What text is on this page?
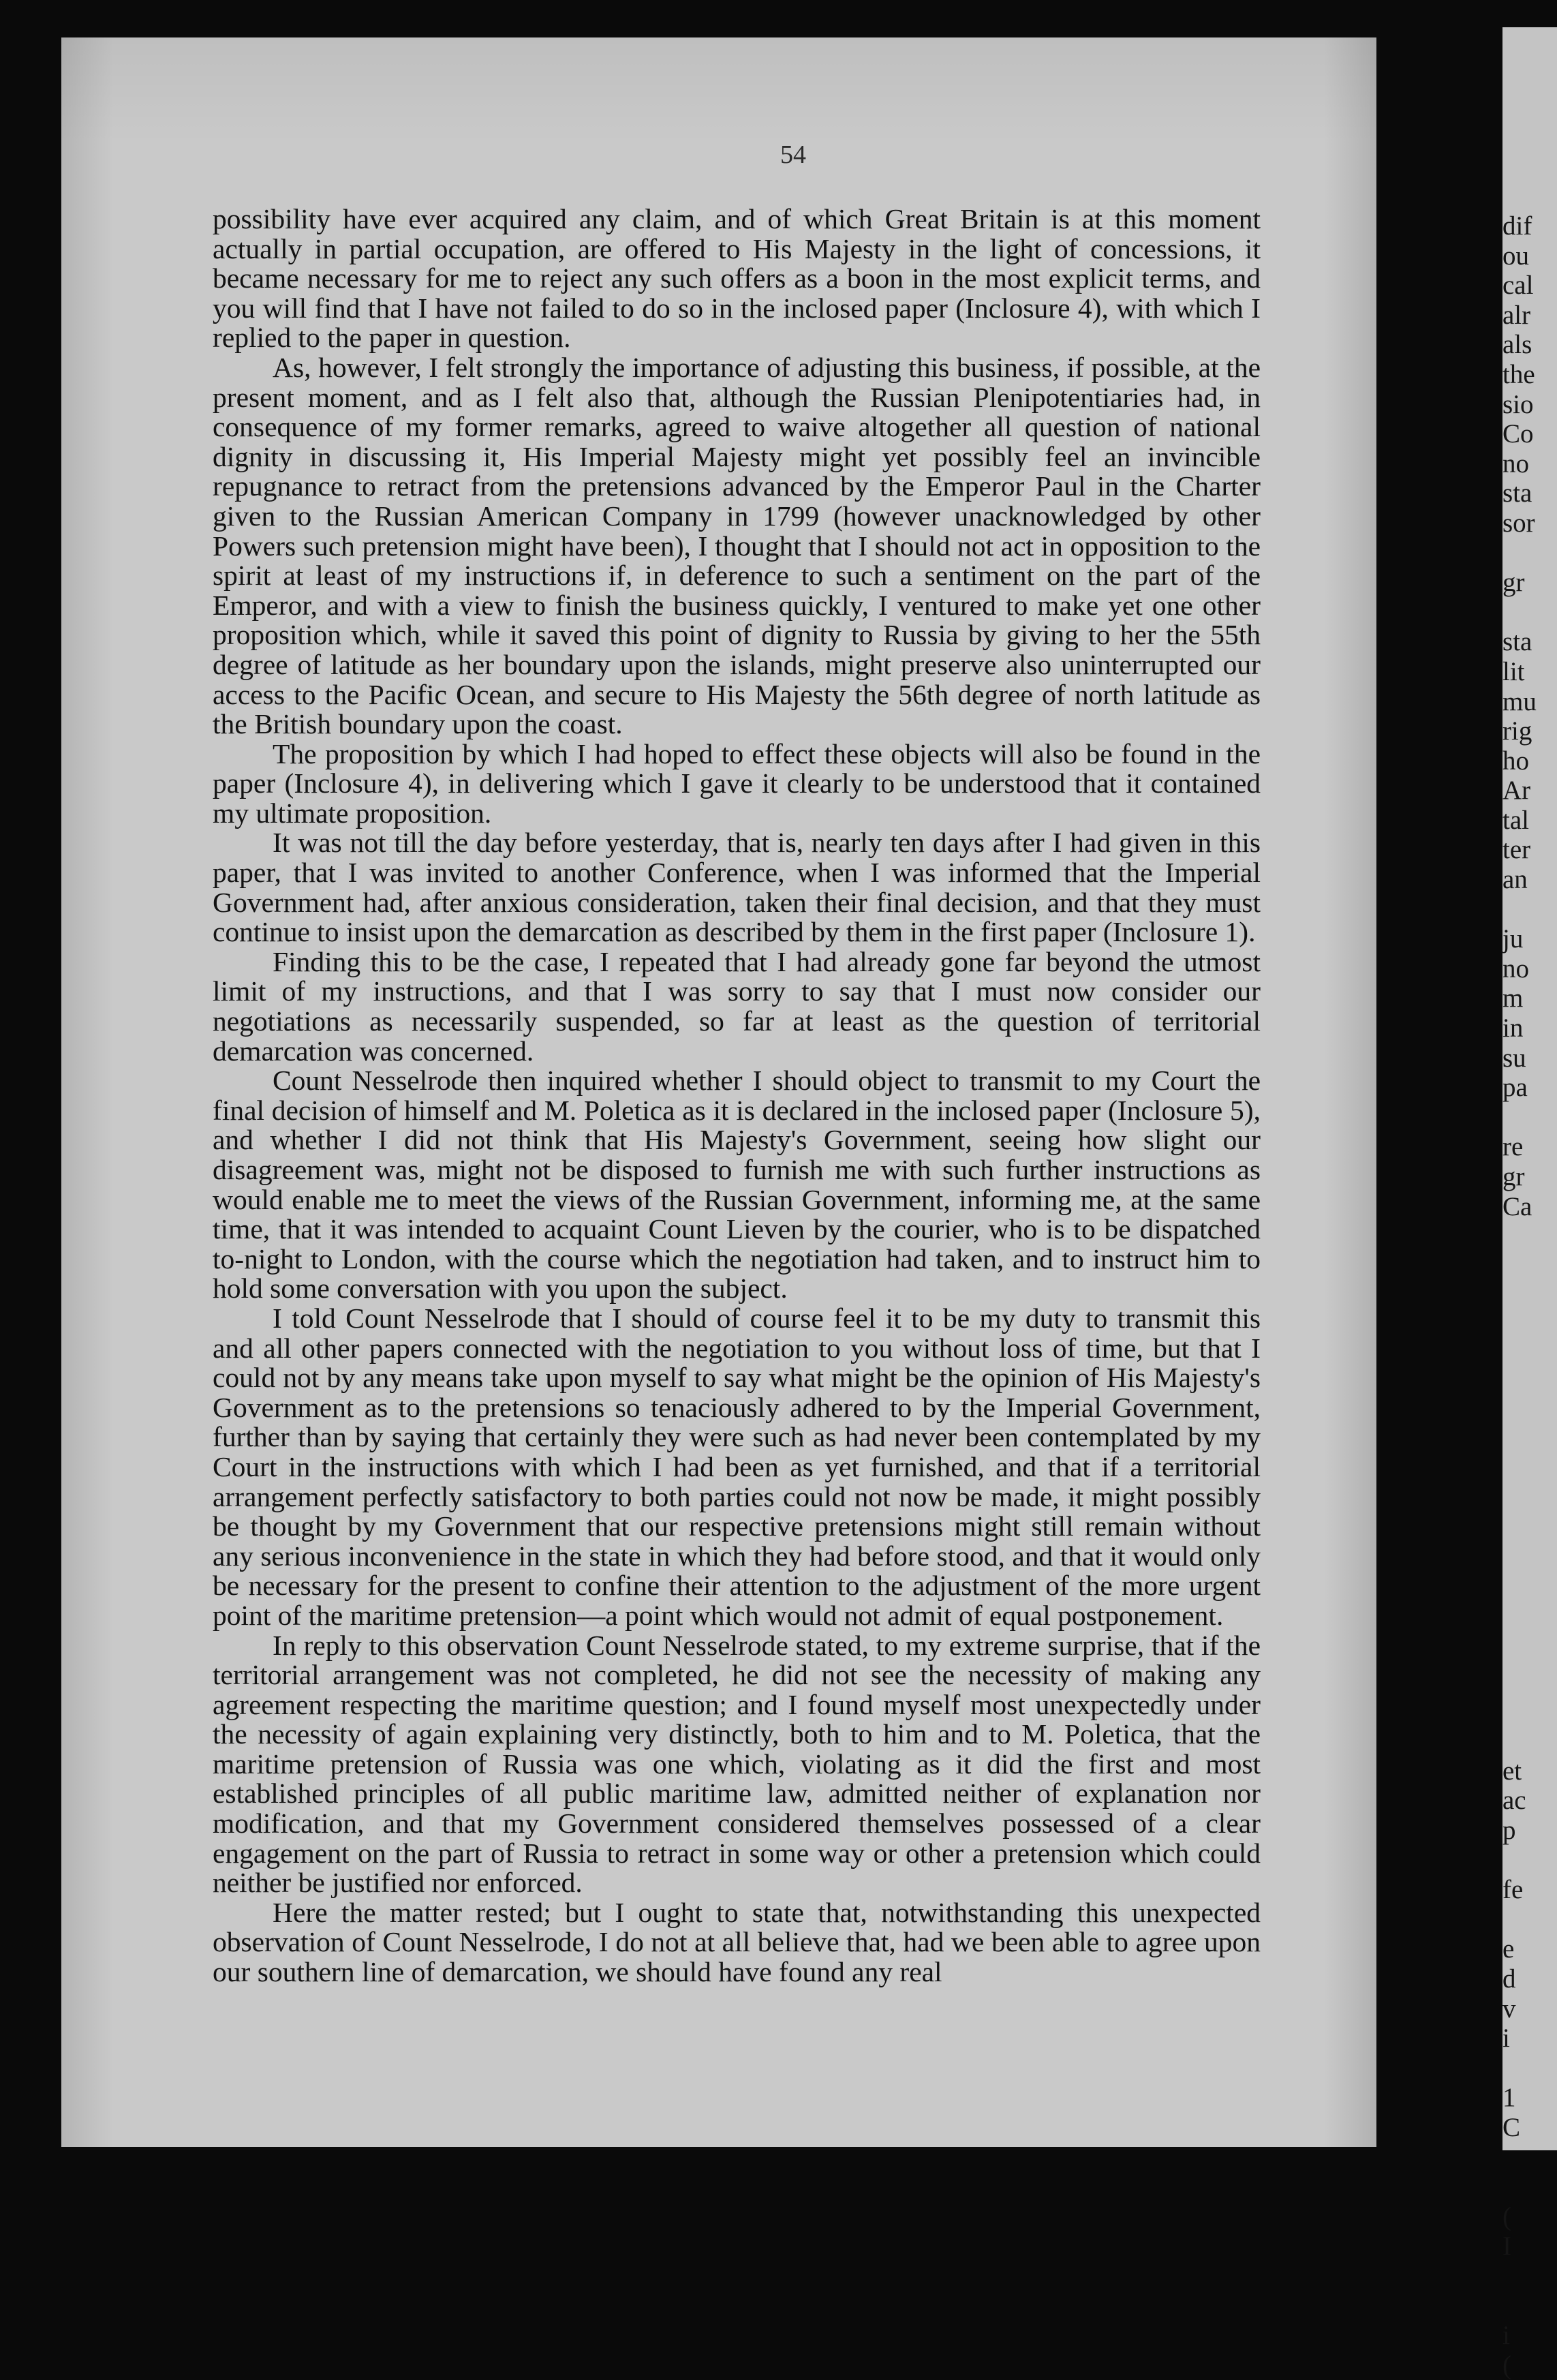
54

possibility have ever acquired any claim, and of which Great Britain is at this moment actually in partial occupation, are offered to His Majesty in the light of concessions, it became necessary for me to reject any such offers as a boon in the most explicit terms, and you will find that I have not failed to do so in the inclosed paper (Inclosure 4), with which I replied to the paper in question.

As, however, I felt strongly the importance of adjusting this business, if possible, at the present moment, and as I felt also that, although the Russian Plenipotentiaries had, in consequence of my former remarks, agreed to waive altogether all question of national dignity in discussing it, His Imperial Majesty might yet possibly feel an invincible repugnance to retract from the pretensions advanced by the Emperor Paul in the Charter given to the Russian American Company in 1799 (however unacknowledged by other Powers such pretension might have been), I thought that I should not act in opposition to the spirit at least of my instructions if, in deference to such a sentiment on the part of the Emperor, and with a view to finish the business quickly, I ventured to make yet one other proposition which, while it saved this point of dignity to Russia by giving to her the 55th degree of latitude as her boundary upon the islands, might preserve also uninterrupted our access to the Pacific Ocean, and secure to His Majesty the 56th degree of north latitude as the British boundary upon the coast.

The proposition by which I had hoped to effect these objects will also be found in the paper (Inclosure 4), in delivering which I gave it clearly to be understood that it contained my ultimate proposition.

It was not till the day before yesterday, that is, nearly ten days after I had given in this paper, that I was invited to another Conference, when I was informed that the Imperial Government had, after anxious consideration, taken their final decision, and that they must continue to insist upon the demarcation as described by them in the first paper (Inclosure 1).

Finding this to be the case, I repeated that I had already gone far beyond the utmost limit of my instructions, and that I was sorry to say that I must now consider our negotiations as necessarily suspended, so far at least as the question of territorial demarcation was concerned.

Count Nesselrode then inquired whether I should object to transmit to my Court the final decision of himself and M. Poletica as it is declared in the inclosed paper (Inclosure 5), and whether I did not think that His Majesty's Government, seeing how slight our disagreement was, might not be disposed to furnish me with such further instructions as would enable me to meet the views of the Russian Government, informing me, at the same time, that it was intended to acquaint Count Lieven by the courier, who is to be dispatched to-night to London, with the course which the negotiation had taken, and to instruct him to hold some conversation with you upon the subject.

I told Count Nesselrode that I should of course feel it to be my duty to transmit this and all other papers connected with the negotiation to you without loss of time, but that I could not by any means take upon myself to say what might be the opinion of His Majesty's Government as to the pretensions so tenaciously adhered to by the Imperial Government, further than by saying that certainly they were such as had never been contemplated by my Court in the instructions with which I had been as yet furnished, and that if a territorial arrangement perfectly satisfactory to both parties could not now be made, it might possibly be thought by my Government that our respective pretensions might still remain without any serious inconvenience in the state in which they had before stood, and that it would only be necessary for the present to confine their attention to the adjustment of the more urgent point of the maritime pretension—a point which would not admit of equal postponement.

In reply to this observation Count Nesselrode stated, to my extreme surprise, that if the territorial arrangement was not completed, he did not see the necessity of making any agreement respecting the maritime question; and I found myself most unexpectedly under the necessity of again explaining very distinctly, both to him and to M. Poletica, that the maritime pretension of Russia was one which, violating as it did the first and most established principles of all public maritime law, admitted neither of explanation nor modification, and that my Government considered themselves possessed of a clear engagement on the part of Russia to retract in some way or other a pretension which could neither be justified nor enforced.

Here the matter rested; but I ought to state that, notwithstanding this unexpected observation of Count Nesselrode, I do not at all believe that, had we been able to agree upon our southern line of demarcation, we should have found any real

dif
ou
cal
alr
als
the
sio
Co
no
sta
sor

gr

sta
lit
mu
rig
ho
Ar
tal
ter
an

ju
no
m
in
su
pa

re
gr
Ca

et
ac
p

fe

e
d
v
i

1
C

(
I

i
(
